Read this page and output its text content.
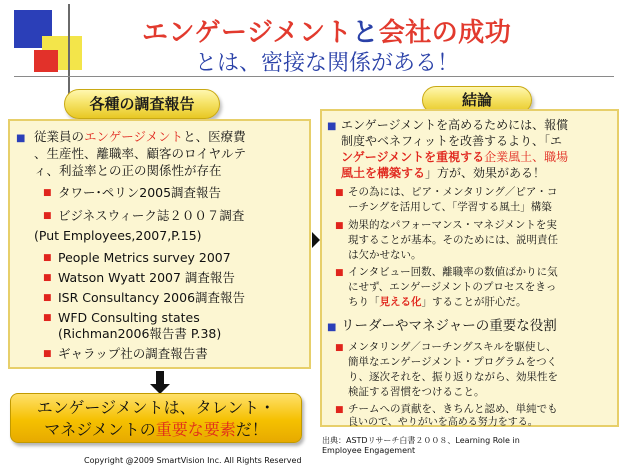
エンゲージメントと会社の成功
とは、密接な関係がある！
各種の調査報告
■ 従業員のエンゲージメントと、医療費
、生産性、離職率、顧客のロイヤルテ
ィ、利益率との正の関係性が存在
■ タワー･ペリン2005調査報告
■ ビジネスウィーク誌２００７調査
(Put Employees,2007,P.15)
■ People Metrics survey 2007
■ Watson Wyatt 2007 調査報告
■ ISR Consultancy 2006調査報告
■ WFD Consulting states
(Richman2006報告書 P.38)
■ ギャラップ社の調査報告書
エンゲージメントは、タレント・
マネジメントの重要な要素だ！
結論
■ エンゲージメントを高めるためには、報償
制度やベネフィットを改善するより、「エ
ンゲージメントを重視する企業風土、職場
風土を構築する」方が、効果がある！
■ その為には、ピア・メンタリング／ピア・コ
ーチングを活用して、「学習する風土」構築
■ 効果的なパフォーマンス・マネジメントを実
現することが基本。そのためには、説明責任
は欠かせない。
■ インタビュー回数、離職率の数値ばかりに気
にせず、エンゲージメントのプロセスをきっ
ちり「見える化」することが肝心だ。
■ リーダーやマネジャーの重要な役割
■ メンタリング／コーチングスキルを駆使し、
簡単なエンゲージメント・プログラムをつく
り、逐次それを、振り返りながら、効果性を
検証する習慣をつけること。
■ チームへの貢献を、きちんと認め、単純でも
良いので、やりがいを高める努力をする。
出典：ASTDリサーチ白書２００８、Learning Role in
Employee Engagement
Copyright @2009 SmartVision Inc. All Rights Reserved
